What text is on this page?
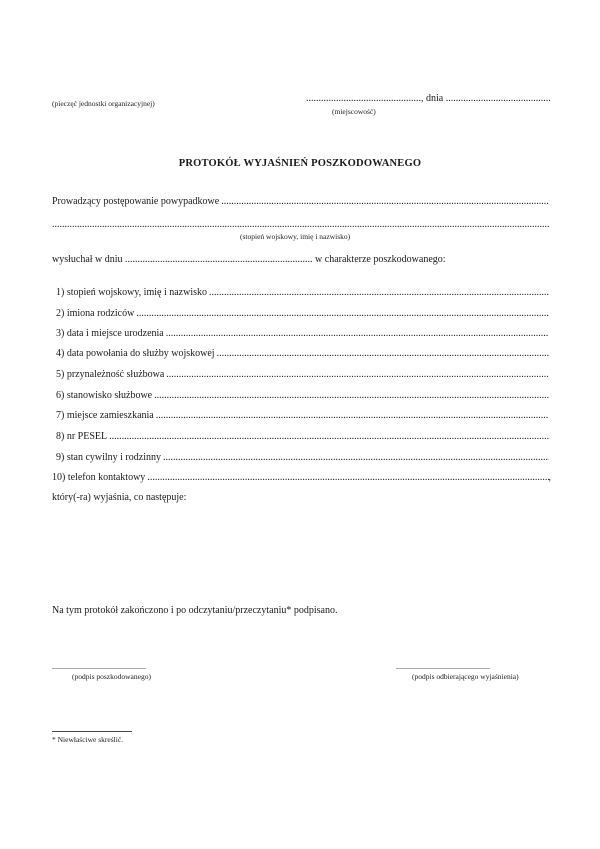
(pieczęć jednostki organizacyjnej)	.............................................., dnia ..........................................
(miejscowość)
PROTOKÓŁ WYJAŚNIEŃ POSZKODOWANEGO
Prowadzący postępowanie powypadkowe
.....
.....
(stopień wojskowy, imię i nazwisko)
wysłuchał w dniu ........................................................................... w charakterze poszkodowanego:
1) stopień wojskowy, imię i nazwisko
.....
2) imiona rodziców
.....
3) data i miejsce urodzenia
.....
4) data powołania do służby wojskowej
.....
5) przynależność służbowa
.....
6) stanowisko służbowe
.....
7) miejsce zamieszkania
.....
8) nr PESEL
.....
9) stan cywilny i rodzinny
.....
10) telefon kontaktowy
.....	,
który(-ra) wyjaśnia, co następuje:
Na tym protokół zakończono i po odczytaniu/przeczytaniu* podpisano.
...............................................
(podpis poszkodowanego)
...............................................
(podpis odbierającego wyjaśnienia)
* Niewłaściwe skreślić.
